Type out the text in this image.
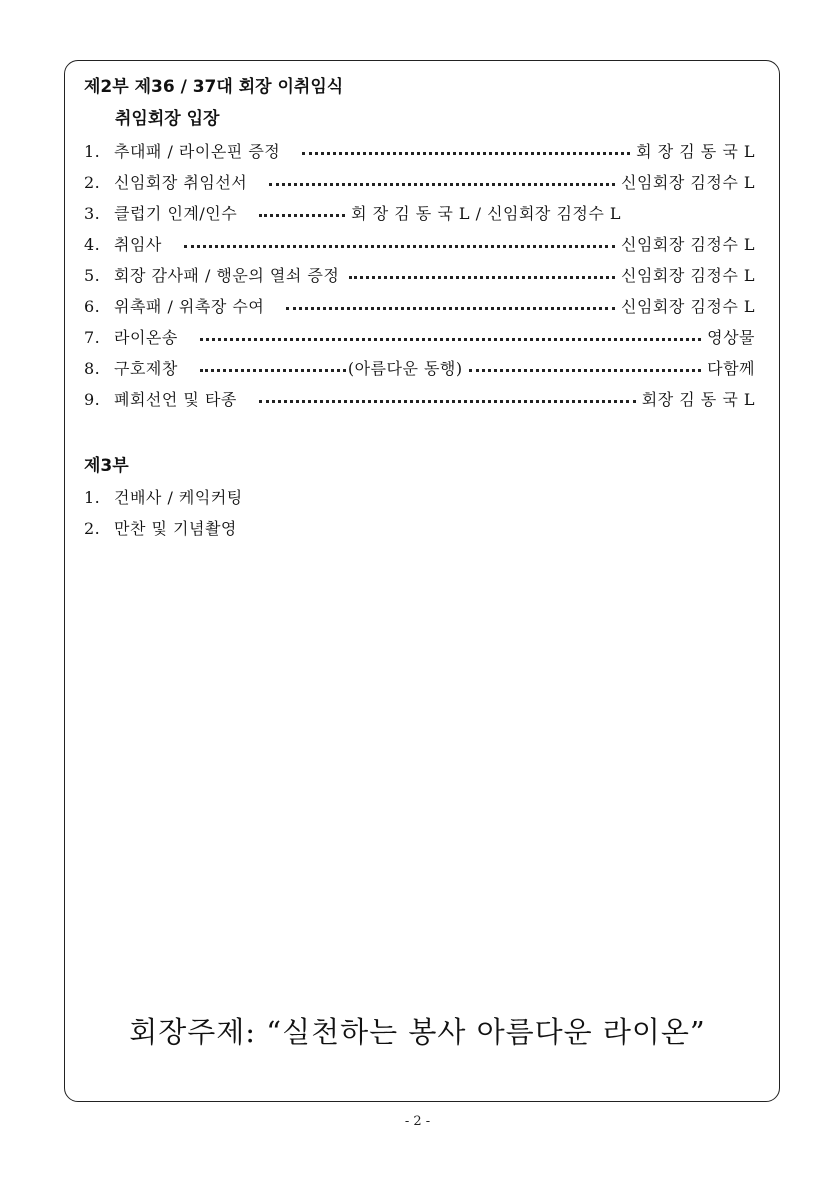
제2부 제36 / 37대 회장 이취임식
취임회장 입장
1. 추대패 / 라이온핀 증정	회 장 김 동 국 L
2. 신임회장 취임선서	신임회장 김정수 L
3. 클럽기 인계/인수	회 장 김 동 국 L / 신임회장 김정수 L
4. 취임사	신임회장 김정수 L
5. 회장 감사패 / 행운의 열쇠 증정	신임회장 김정수 L
6. 위촉패 / 위촉장 수여	신임회장 김정수 L
7. 라이온송	영상물
8. 구호제창	(아름다운 동행)	다함께
9. 폐회선언 및 타종	회장 김 동 국 L
제3부
1. 건배사 / 케익커팅
2. 만찬 및 기념촬영
회장주제: “실천하는 봉사 아름다운 라이온”
- 2 -
